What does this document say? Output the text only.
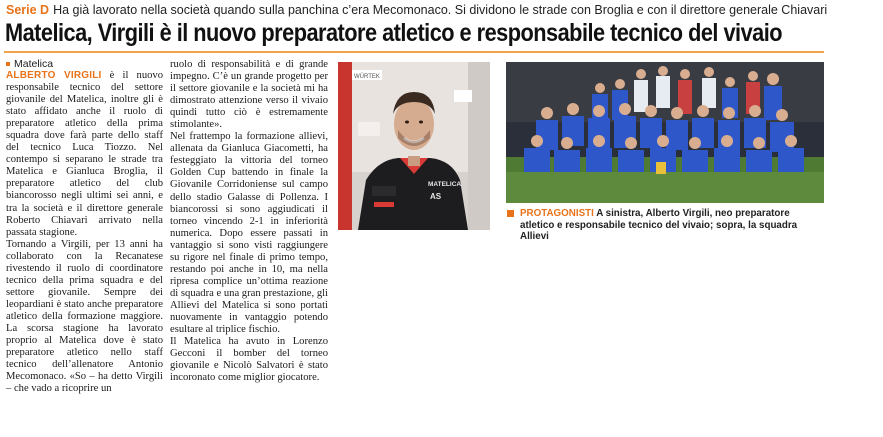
Serie D Ha già lavorato nella società quando sulla panchina c’era Mecomonaco. Si dividono le strade con Broglia e con il direttore generale Chiavari
Matelica, Virgili è il nuovo preparatore atletico e responsabile tecnico del vivaio
Matelica

ALBERTO VIRGILI è il nuovo responsabile tecnico del settore giovanile del Matelica, inoltre gli è stato affidato anche il ruolo di preparatore atletico della prima squadra dove farà parte dello staff del tecnico Luca Tiozzo. Nel contempo si separano le strade tra Matelica e Gianluca Broglia, il preparatore atletico del club biancorosso negli ultimi sei anni, e tra la società e il direttore generale Roberto Chiavari arrivato nella passata stagione.

Tornando a Virgili, per 13 anni ha collaborato con la Recanatese rivestendo il ruolo di coordinatore tecnico della prima squadra e del settore giovanile. Sempre dei leopardiani è stato anche preparatore atletico della formazione maggiore. La scorsa stagione ha lavorato proprio al Matelica dove è stato preparatore atletico nello staff tecnico dell’allenatore Antonio Mecomonaco. «So – ha detto Virgili – che vado a ricoprire un

ruolo di responsabilità e di grande impegno. C’è un grande progetto per il settore giovanile e la società mi ha dimostrato attenzione verso il vivaio quindi tutto ciò è estremamente stimolante».

Nel frattempo la formazione allievi, allenata da Gianluca Giacometti, ha festeggiato la vittoria del torneo Golden Cup battendo in finale la Giovanile Corridoniense sul campo dello stadio Galasse di Pollenza. I biancorossi si sono aggiudicati il torneo vincendo 2-1 in inferiorità numerica. Dopo essere passati in vantaggio si sono visti raggiungere su rigore nel finale di primo tempo, restando poi anche in 10, ma nella ripresa complice un’ottima reazione di squadra e una gran prestazione, gli Allievi del Matelica si sono portati nuovamente in vantaggio potendo esultare al triplice fischio.

Il Matelica ha avuto in Lorenzo Gecconi il bomber del torneo giovanile e Nicolò Salvatori è stato incoronato come miglior giocatore.

WÜRTEK
MATELICA
AS
PROTAGONISTI A sinistra, Alberto Virgili, neo preparatore atletico e responsabile tecnico del vivaio; sopra, la squadra Allievi
